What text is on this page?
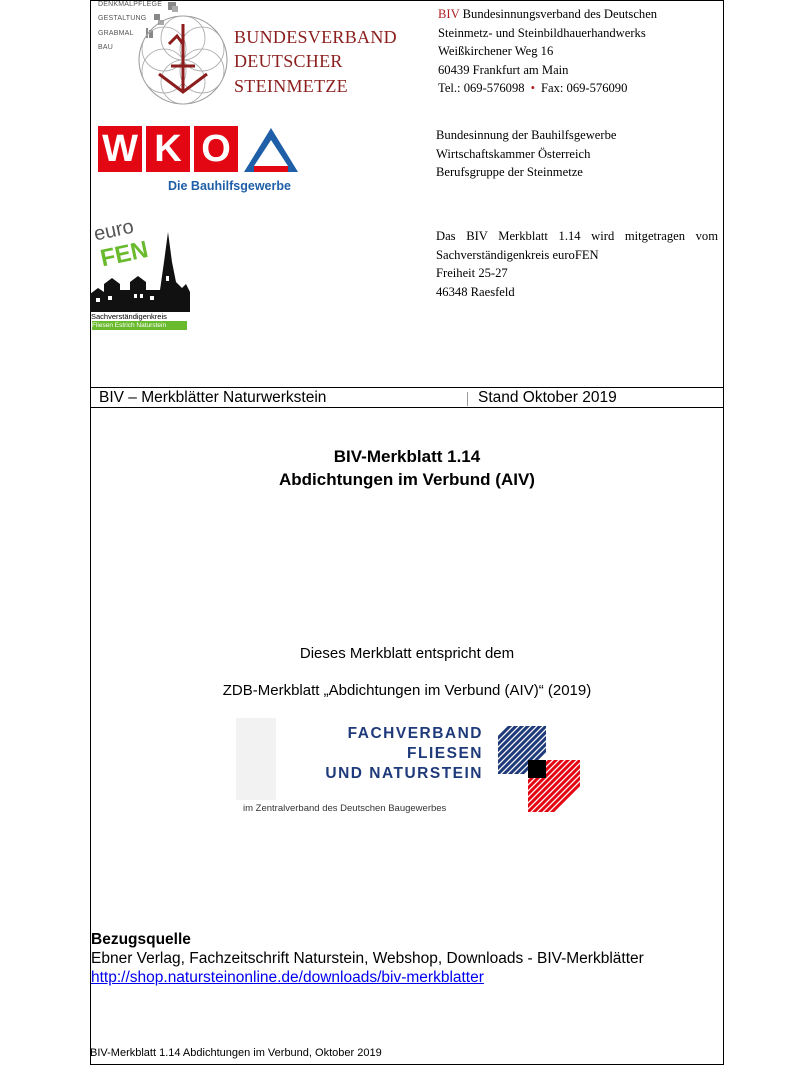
DENKMALPFLEGE
GESTALTUNG
GRABMAL
BAU
BUNDESVERBAND
DEUTSCHER
STEINMETZE
BIV Bundesinnungsverband des Deutschen
Steinmetz- und Steinbildhauerhandwerks
Weißkirchener Weg 16
60439 Frankfurt am Main
Tel.: 069-576098 • Fax: 069-576090
W K O
Die Bauhilfsgewerbe
Bundesinnung der Bauhilfsgewerbe
Wirtschaftskammer Österreich
Berufsgruppe der Steinmetze
euro
FEN
Sachverständigenkreis
Fliesen Estrich Naturstein
Das BIV Merkblatt 1.14 wird mitgetragen vom
Sachverständigenkreis euroFEN
Freiheit 25-27
46348 Raesfeld
BIV – Merkblätter Naturwerkstein	Stand Oktober 2019
BIV-Merkblatt 1.14
Abdichtungen im Verbund (AIV)
Dieses Merkblatt entspricht dem
ZDB-Merkblatt „Abdichtungen im Verbund (AIV)“ (2019)
FACHVERBAND
FLIESEN
UND NATURSTEIN
im Zentralverband des Deutschen Baugewerbes
Bezugsquelle
Ebner Verlag, Fachzeitschrift Naturstein, Webshop, Downloads - BIV-Merkblätter
http://shop.natursteinonline.de/downloads/biv-merkblatter
BIV-Merkblatt 1.14 Abdichtungen im Verbund, Oktober 2019
